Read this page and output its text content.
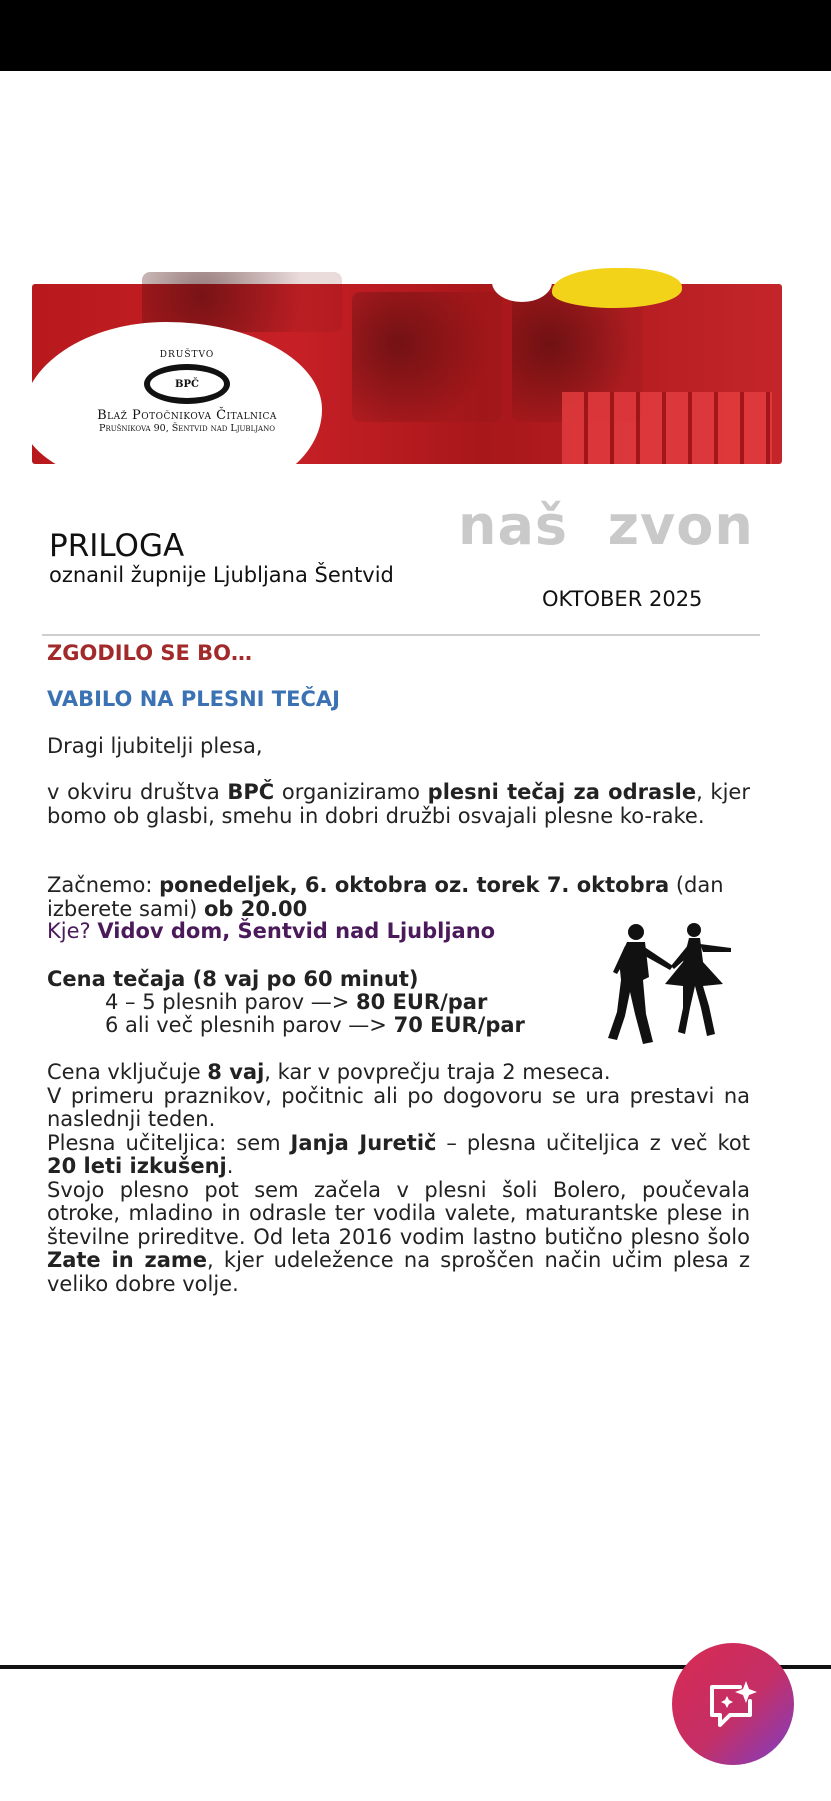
DRUŠTVO
BPČ
Blaž Potočnikova Čitalnica
Prušnikova 90, Šentvid nad Ljubljano
naš  zvon
PRILOGA
oznanil župnije Ljubljana Šentvid
OKTOBER 2025
ZGODILO SE BO…
VABILO NA PLESNI TEČAJ
Dragi ljubitelji plesa,
v okviru društva BPČ organiziramo plesni tečaj za odrasle, kjer bomo ob glasbi, smehu in dobri družbi osvajali plesne ko-rake.
Začnemo: ponedeljek, 6. oktobra oz. torek 7. oktobra (dan izberete sami) ob 20.00
Kje? Vidov dom, Šentvid nad Ljubljano
Cena tečaja (8 vaj po 60 minut)
4 – 5 plesnih parov —> 80 EUR/par
6 ali več plesnih parov —> 70 EUR/par
Cena vključuje 8 vaj, kar v povprečju traja 2 meseca.
V primeru praznikov, počitnic ali po dogovoru se ura prestavi na naslednji teden.
Plesna učiteljica: sem Janja Juretič – plesna učiteljica z več kot 20 leti izkušenj.
Svojo plesno pot sem začela v plesni šoli Bolero, poučevala otroke, mladino in odrasle ter vodila valete, maturantske plese in številne prireditve. Od leta 2016 vodim lastno butično plesno šolo Zate in zame, kjer udeležence na sproščen način učim plesa z veliko dobre volje.
